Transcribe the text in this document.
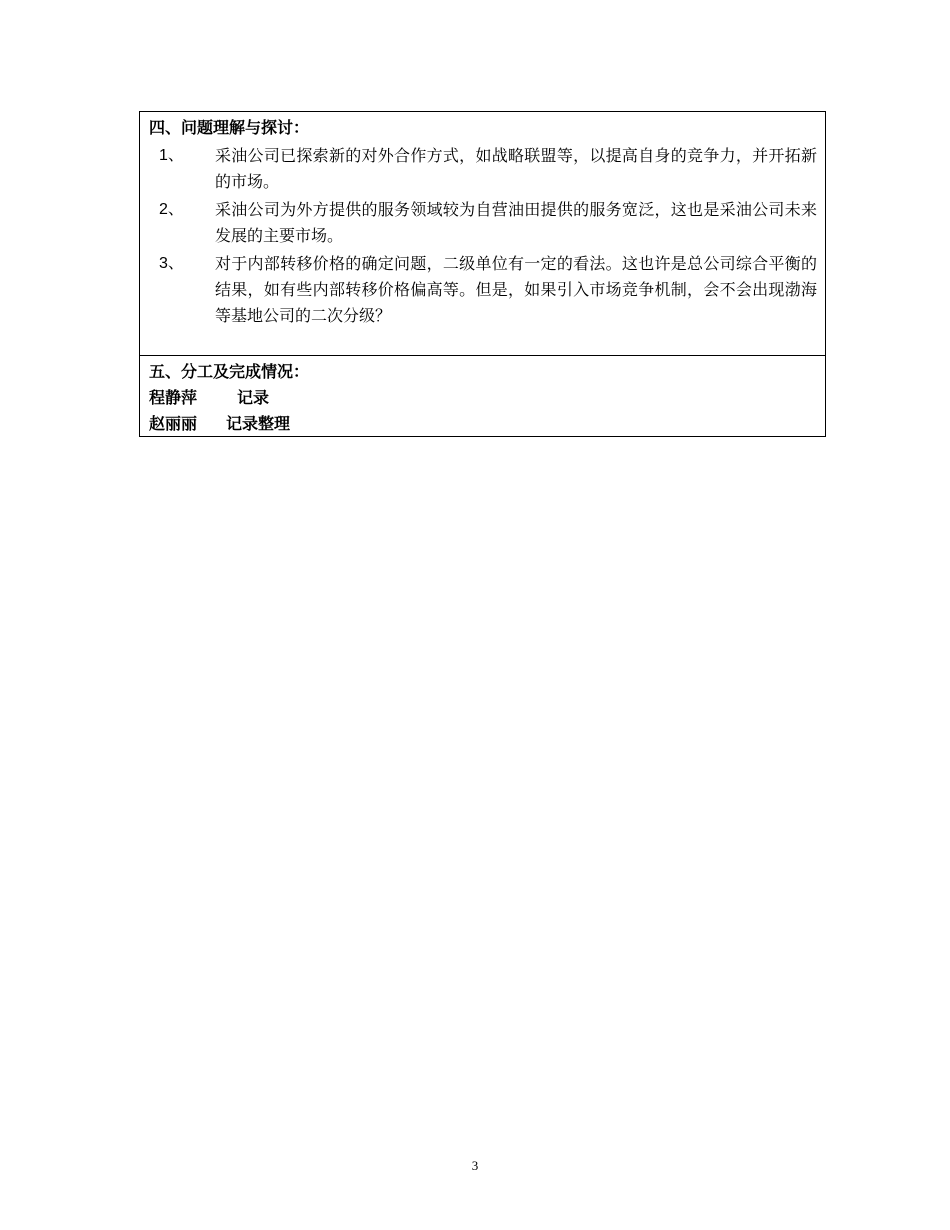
四、问题理解与探讨：
1、 采油公司已探索新的对外合作方式，如战略联盟等，以提高自身的竞争力，并开拓新的市场。
2、 采油公司为外方提供的服务领域较为自营油田提供的服务宽泛，这也是采油公司未来发展的主要市场。
3、 对于内部转移价格的确定问题，二级单位有一定的看法。这也许是总公司综合平衡的结果，如有些内部转移价格偏高等。但是，如果引入市场竞争机制，会不会出现渤海等基地公司的二次分级？
五、分工及完成情况：
程静萍 记录
赵丽丽 记录整理
3
